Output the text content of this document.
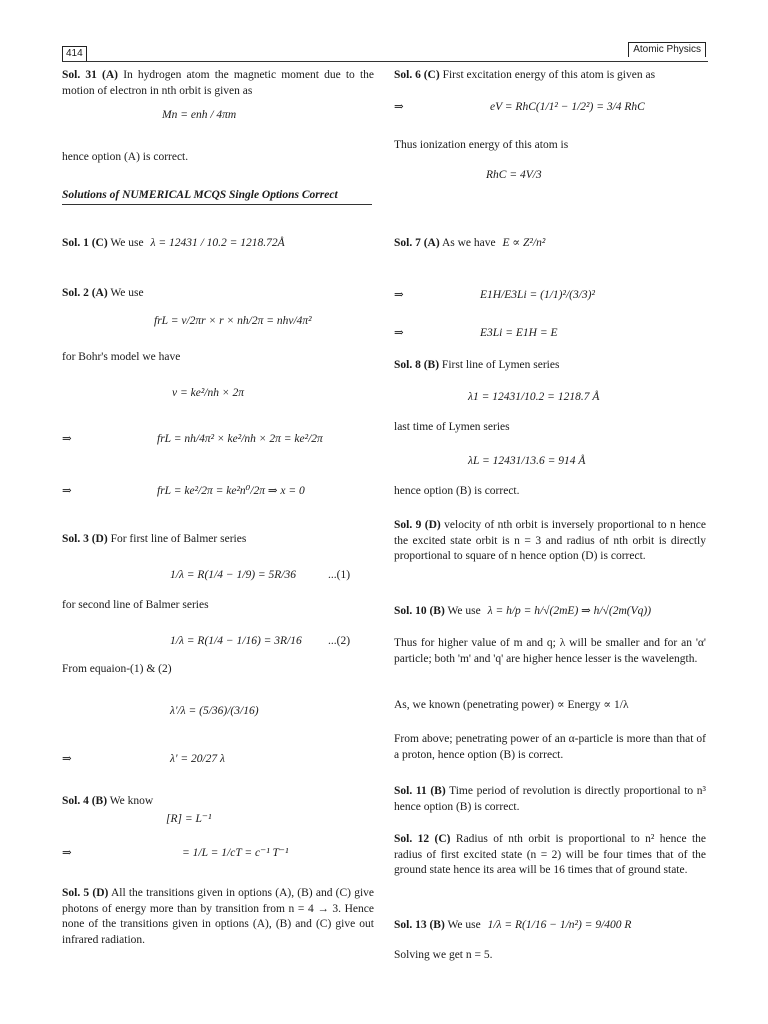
414	Atomic Physics
Sol. 31 (A) In hydrogen atom the magnetic moment due to the motion of electron in nth orbit is given as
Mn = enh / 4πm
hence option (A) is correct.
Solutions of NUMERICAL MCQS Single Options Correct
Sol. 1 (C) We use λ = 12431 / 10.2 = 1218.72Å
Sol. 2 (A) We use
frL = v/2πr × r × nh/2π = nhv/4π²
for Bohr's model we have
v = ke²/nh × 2π
⇒	frL = nh/4π² × ke²/nh × 2π = ke²/2π
⇒	frL = ke²/2π = ke²n⁰/2π ⇒ x = 0
Sol. 3 (D) For first line of Balmer series
1/λ = R(1/4 − 1/9) = 5R/36	...(1)
for second line of Balmer series
1/λ = R(1/4 − 1/16) = 3R/16 ...(2)
From equaion-(1) & (2)
λ'/λ = (5/36)/(3/16)
⇒	λ' = 20/27 λ
Sol. 4 (B) We know
[R] = L⁻¹
⇒	= 1/L = 1/cT = c⁻¹ T⁻¹
Sol. 5 (D) All the transitions given in options (A), (B) and (C) give photons of energy more than by transition from n = 4 → 3. Hence none of the transitions given in options (A), (B) and (C) give out infrared radiation.
Sol. 6 (C) First excitation energy of this atom is given as
⇒	eV = RhC(1/1² − 1/2²) = 3/4 RhC
Thus ionization energy of this atom is
RhC = 4V/3
Sol. 7 (A) As we have E ∝ Z²/n²
⇒	E1H/E3Li = (1/1)²/(3/3)²
⇒	E3Li = E1H = E
Sol. 8 (B) First line of Lymen series
λ1 = 12431/10.2 = 1218.7 Å
last time of Lymen series
λL = 12431/13.6 = 914 Å
hence option (B) is correct.
Sol. 9 (D) velocity of nth orbit is inversely proportional to n hence the excited state orbit is n = 3 and radius of nth orbit is directly proportional to square of n hence option (D) is correct.
Sol. 10 (B) We use λ = h/p = h/√(2mE) ⇒ h/√(2m(Vq))
Thus for higher value of m and q; λ will be smaller and for an 'α' particle; both 'm' and 'q' are higher hence lesser is the wavelength.
As, we known (penetrating power) ∝ Energy ∝ 1/λ
From above; penetrating power of an α-particle is more than that of a proton, hence option (B) is correct.
Sol. 11 (B) Time period of revolution is directly proportional to n³ hence option (B) is correct.
Sol. 12 (C) Radius of nth orbit is proportional to n² hence the radius of first excited state (n = 2) will be four times that of the ground state hence its area will be 16 times that of ground state.
Sol. 13 (B) We use 1/λ = R(1/16 − 1/n²) = 9/400 R
Solving we get n = 5.
